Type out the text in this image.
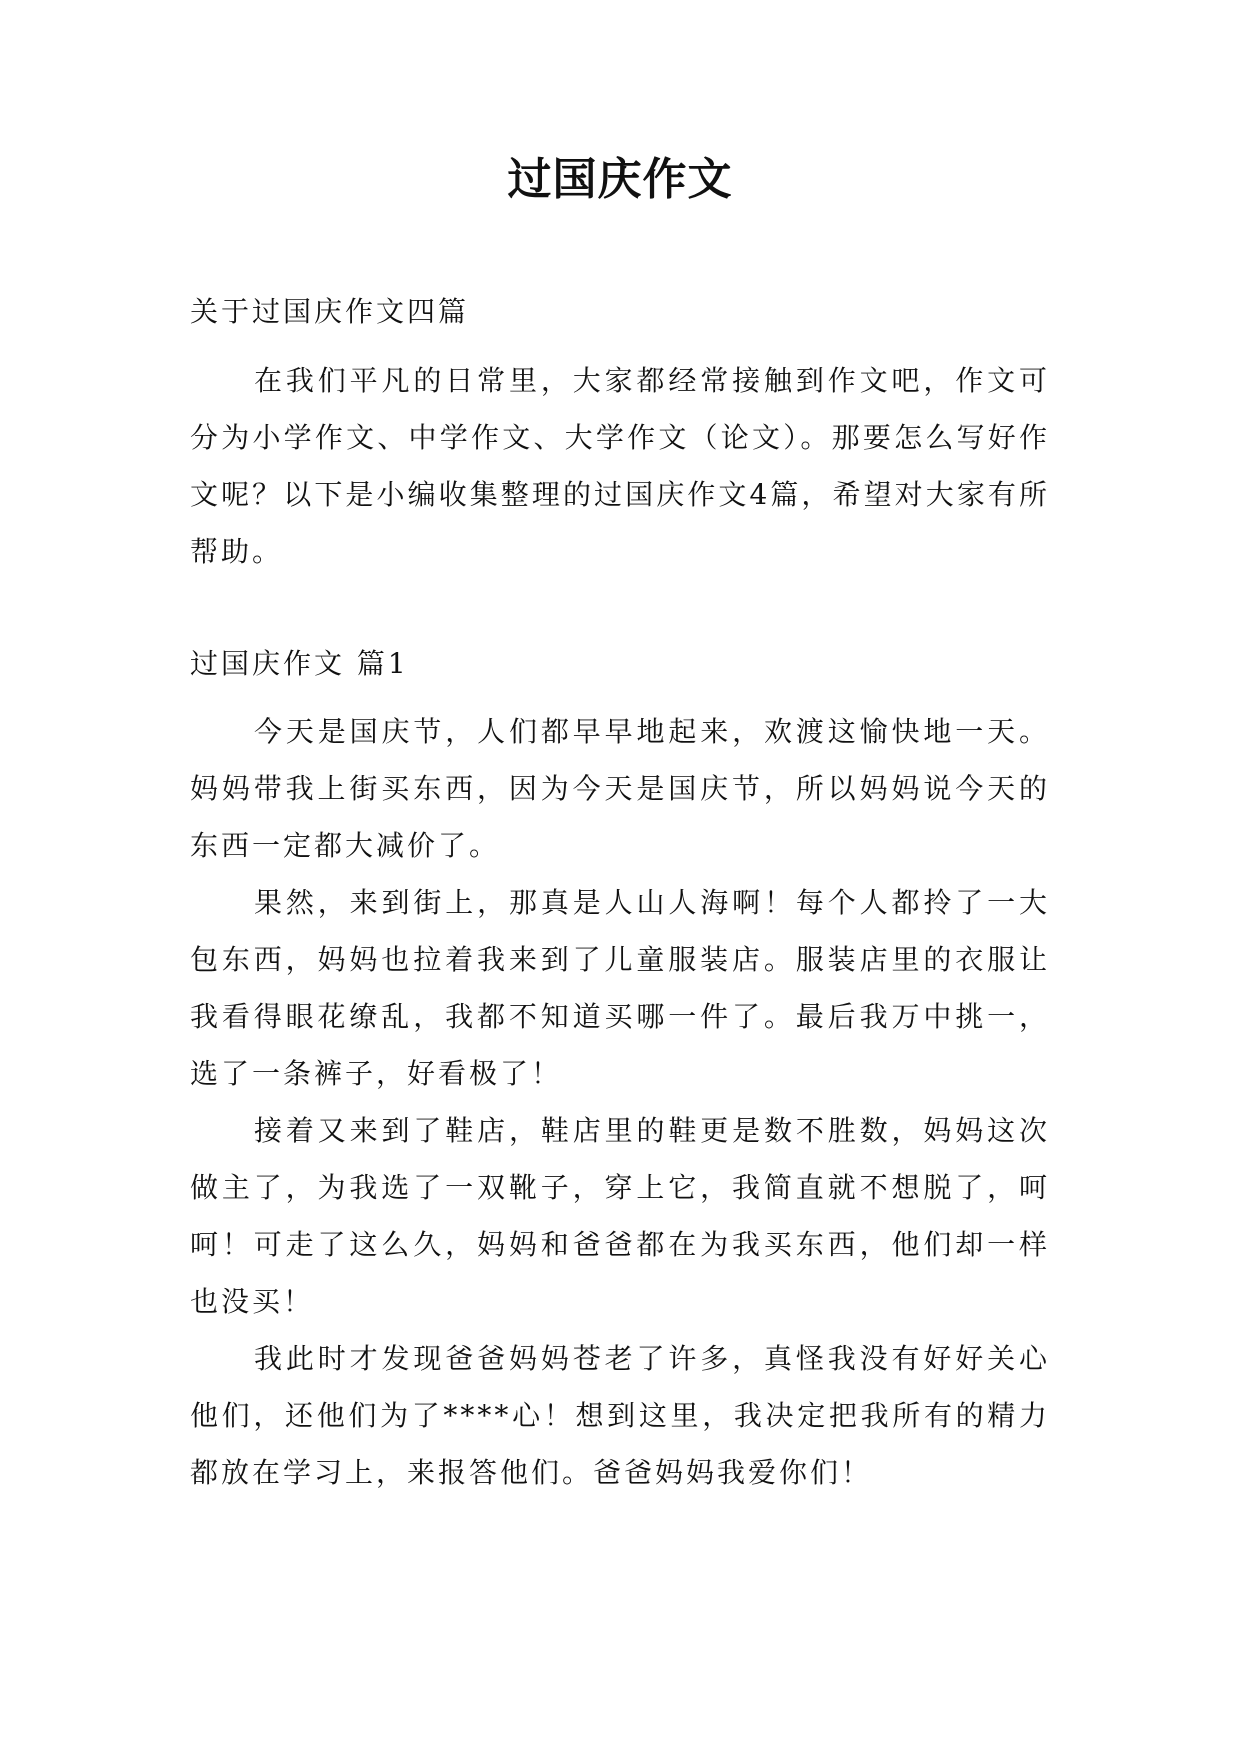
过国庆作文

关于过国庆作文四篇

在我们平凡的日常里，大家都经常接触到作文吧，作文可分为小学作文、中学作文、大学作文（论文）。那要怎么写好作文呢？以下是小编收集整理的过国庆作文4篇，希望对大家有所帮助。

过国庆作文 篇1

今天是国庆节，人们都早早地起来，欢渡这愉快地一天。妈妈带我上街买东西，因为今天是国庆节，所以妈妈说今天的东西一定都大减价了。

果然，来到街上，那真是人山人海啊！每个人都拎了一大包东西，妈妈也拉着我来到了儿童服装店。服装店里的衣服让我看得眼花缭乱，我都不知道买哪一件了。最后我万中挑一，选了一条裤子，好看极了！

接着又来到了鞋店，鞋店里的鞋更是数不胜数，妈妈这次做主了，为我选了一双靴子，穿上它，我简直就不想脱了，呵呵！可走了这么久，妈妈和爸爸都在为我买东西，他们却一样也没买！

我此时才发现爸爸妈妈苍老了许多，真怪我没有好好关心他们，还他们为了****心！想到这里，我决定把我所有的精力都放在学习上，来报答他们。爸爸妈妈我爱你们！
